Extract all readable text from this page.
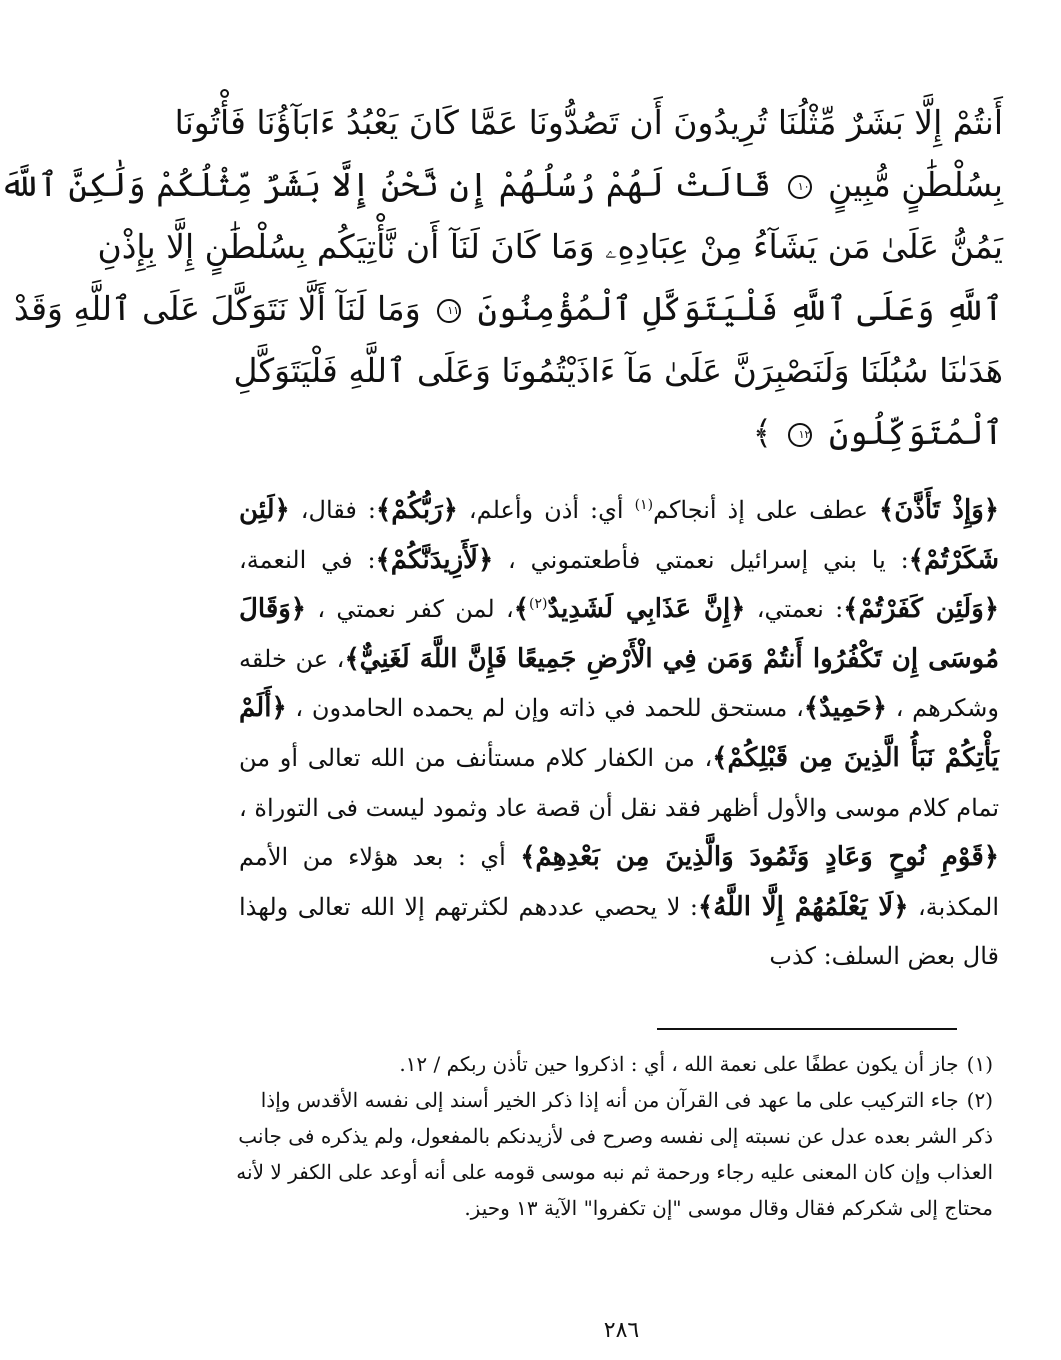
أَنتُمْ إِلَّا بَشَرٌ مِّثْلُنَا تُرِيدُونَ أَن تَصُدُّونَا عَمَّا كَانَ يَعْبُدُ ءَابَآؤُنَا فَأْتُونَا
بِسُلْطَٰنٍ مُّبِينٍ ١٠ قَالَتْ لَهُمْ رُسُلُهُمْ إِن نَّحْنُ إِلَّا بَشَرٌ مِّثْلُكُمْ وَلَٰكِنَّ ٱللَّهَ
يَمُنُّ عَلَىٰ مَن يَشَآءُ مِنْ عِبَادِهِۦ وَمَا كَانَ لَنَآ أَن نَّأْتِيَكُم بِسُلْطَٰنٍ إِلَّا بِإِذْنِ
ٱللَّهِ وَعَلَى ٱللَّهِ فَلْيَتَوَكَّلِ ٱلْمُؤْمِنُونَ ١١ وَمَا لَنَآ أَلَّا نَتَوَكَّلَ عَلَى ٱللَّهِ وَقَدْ
هَدَىٰنَا سُبُلَنَا وَلَنَصْبِرَنَّ عَلَىٰ مَآ ءَاذَيْتُمُونَا وَعَلَى ٱللَّهِ فَلْيَتَوَكَّلِ
ٱلْمُتَوَكِّلُونَ ١٢ ﴾
﴿وَإِذْ تَأَذَّنَ﴾ عطف على إذ أنجاكم$^{(١)}$ أي: أذن وأعلم، ﴿رَبُّكُمْ﴾: فقال، ﴿لَئِن شَكَرْتُمْ﴾: يا بني إسرائيل نعمتي فأطعتموني ، ﴿لَأَزِيدَنَّكُمْ﴾: في النعمة، ﴿وَلَئِن كَفَرْتُمْ﴾: نعمتي، ﴿إِنَّ عَذَابِي لَشَدِيدٌ$^{(٢)}$﴾، لمن كفر نعمتي ، ﴿وَقَالَ مُوسَى إِن تَكْفُرُوا أَنتُمْ وَمَن فِي الْأَرْضِ جَمِيعًا فَإِنَّ اللَّهَ لَغَنِيٌّ﴾، عن خلقه وشكرهم ، ﴿حَمِيدٌ﴾، مستحق للحمد في ذاته وإن لم يحمده الحامدون ، ﴿أَلَمْ يَأْتِكُمْ نَبَأُ الَّذِينَ مِن قَبْلِكُمْ﴾، من الكفار كلام مستأنف من الله تعالى أو من تمام كلام موسى والأول أظهر فقد نقل أن قصة عاد وثمود ليست فى التوراة ، ﴿قَوْمِ نُوحٍ وَعَادٍ وَثَمُودَ وَالَّذِينَ مِن بَعْدِهِمْ﴾ أي : بعد هؤلاء من الأمم المكذبة، ﴿لَا يَعْلَمُهُمْ إِلَّا اللَّهُ﴾: لا يحصي عددهم لكثرتهم إلا الله تعالى ولهذا قال بعض السلف: كذب
(١)جاز أن يكون عطفًا على نعمة الله ، أي : اذكروا حين تأذن ربكم / ١٢.
(٢)جاء التركيب على ما عهد فى القرآن من أنه إذا ذكر الخير أسند إلى نفسه الأقدس وإذا ذكر الشر بعده عدل عن نسبته إلى نفسه وصرح فى لأزيدنكم بالمفعول، ولم يذكره فى جانب العذاب وإن كان المعنى عليه رجاء ورحمة ثم نبه موسى قومه على أنه أوعد على الكفر لا لأنه محتاج إلى شكركم فقال وقال موسى "إن تكفروا" الآية ١٣ وحيز.
٢٨٦
